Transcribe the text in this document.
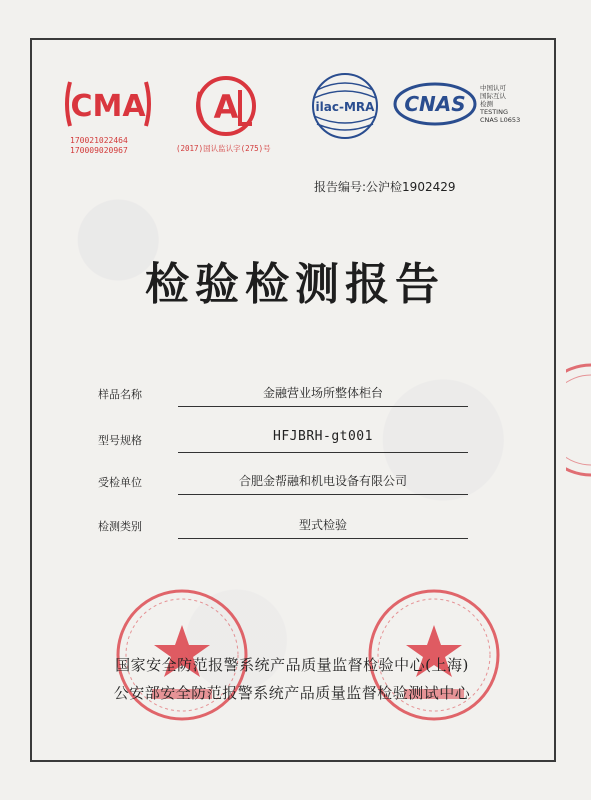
CMA
170021022464
170009020967
A
(2017)国认监认字(275)号
ilac-MRA CNAS
中国认可
国际互认
检测
TESTING
CNAS L0653
报告编号:公沪检1902429
检验检测报告
样品名称	金融营业场所整体柜台
型号规格	HFJBRH-gt001
受检单位	合肥金帮融和机电设备有限公司
检测类别	型式检验
国家安全防范报警系统产品质量监督检验中心(上海)
公安部安全防范报警系统产品质量监督检验测试中心
